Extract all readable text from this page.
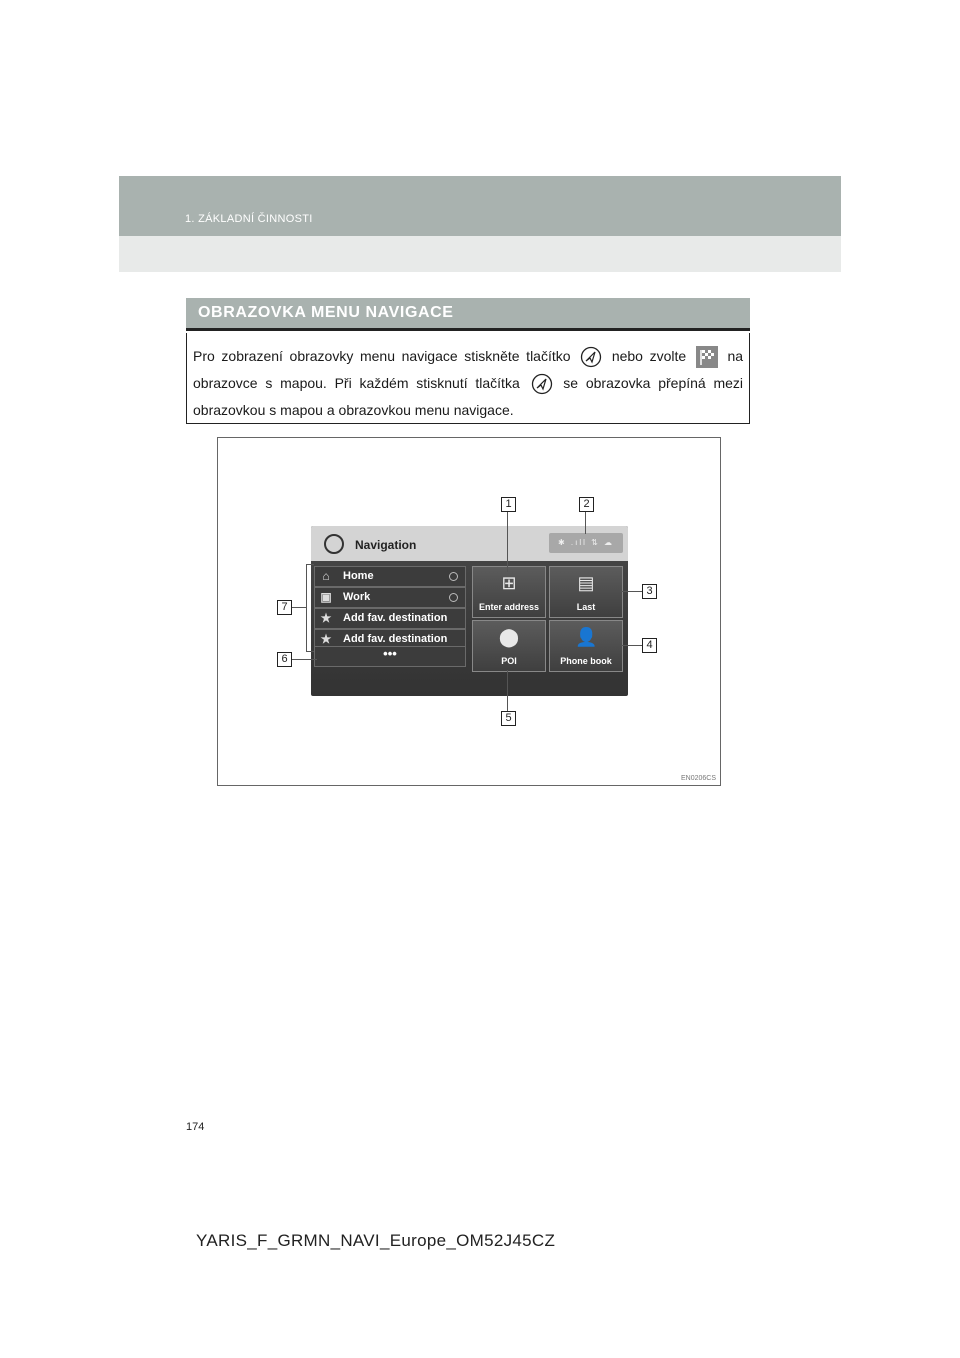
1. ZÁKLADNÍ ČINNOSTI
OBRAZOVKA MENU NAVIGACE
Pro zobrazení obrazovky menu navigace stiskněte tlačítko	nebo zvolte	na obrazovce s mapou. Při každém stisknutí tlačítka	se obrazovka přepíná mezi obrazovkou s mapou a obrazovkou menu navigace.
Navigation	✱ .ıll ⇅ ☁
⌂	Home
▣ Work
★ Add fav. destination
★ Add fav. destination
•••
⊞
Enter address
▤
Last
⬤
POI
👤
Phone book
1	2
3
4
5
6
7
EN0206CS
174
YARIS_F_GRMN_NAVI_Europe_OM52J45CZ
